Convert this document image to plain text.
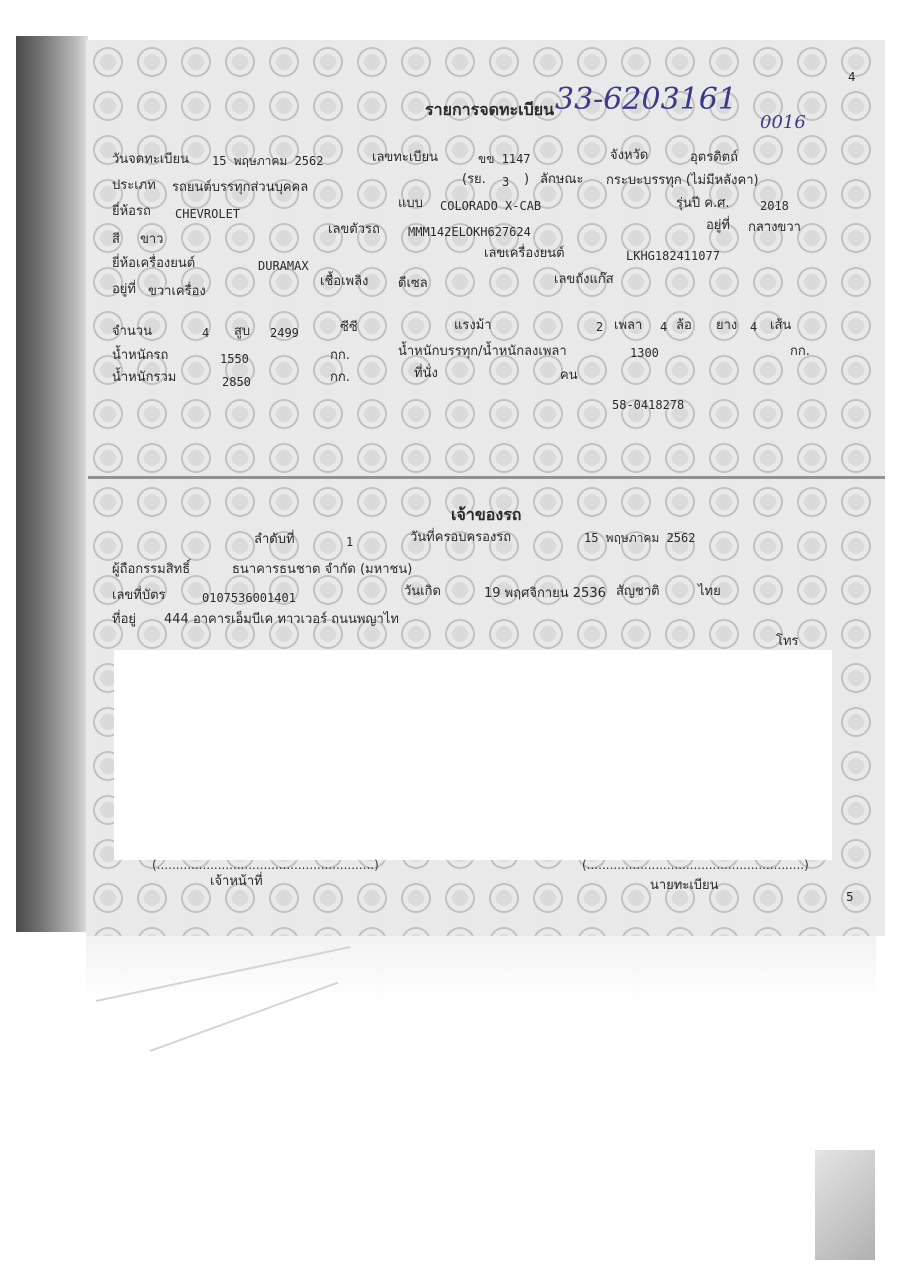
4
รายการจดทะเบียน 33-6203161
0016
วันจดทะเบียน 15 พฤษภาคม 2562	เลขทะเบียน	ขข 1147	จังหวัด	อุตรดิตถ์
ประเภท รถยนต์บรรทุกส่วนบุคคล
(รย. 3 ) ลักษณะ กระบะบรรทุก (ไม่มีหลังคา)
ยี่ห้อรถ CHEVROLET
แบบ COLORADO X-CAB	รุ่นปี ค.ศ.	2018
สี ขาว
เลขตัวรถ MMM142ELOKH627624	อยู่ที่ กลางขวา
ยี่ห้อเครื่องยนต์	DURAMAX
เลขเครื่องยนต์	LKHG182411077
อยู่ที่ ขวาเครื่อง
เชื้อเพลิง ดีเซล	เลขถังแก๊ส
จำนวน	4 สูบ 2499	ซีซี	แรงม้า	2 เพลา 4 ล้อ ยาง 4 เส้น
น้ำหนักรถ	1550	กก.	น้ำหนักบรรทุก/น้ำหนักลงเพลา	1300	กก.
น้ำหนักรวม	2850	กก.	ที่นั่ง	คน
58-0418278
เจ้าของรถ
ลำดับที่	1	วันที่ครอบครองรถ	15 พฤษภาคม 2562
ผู้ถือกรรมสิทธิ์	ธนาคารธนชาต จำกัด (มหาชน)
เลขที่บัตร	0107536001401	วันเกิด	19 พฤศจิกายน 2536 สัญชาติ	ไทย
ที่อยู่ 444 อาคารเอ็มบีเค ทาวเวอร์ ถนนพญาไท
โทร
(.........................................................)
เจ้าหน้าที่
(.........................................................)
นายทะเบียน
5
